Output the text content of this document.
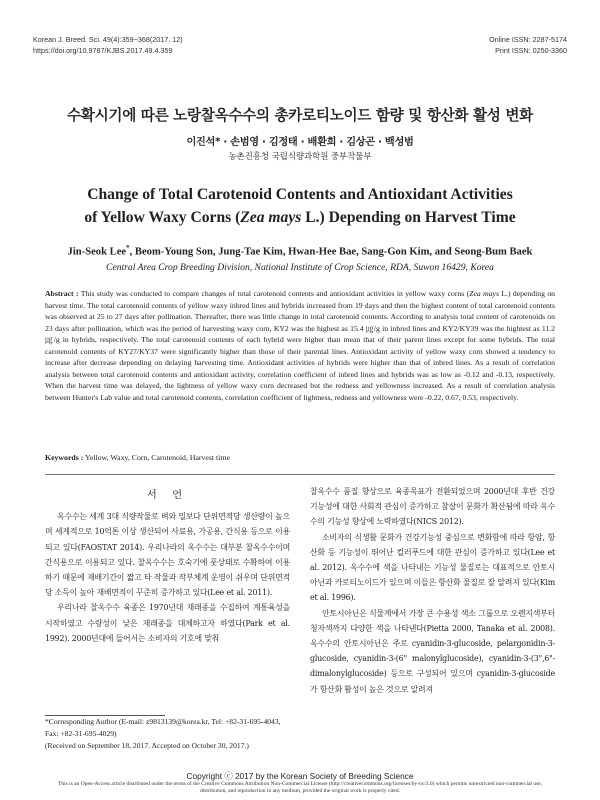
Korean J. Breed. Sci. 49(4):359~368(2017. 12)
https://doi.org/10.9787/KJBS.2017.49.4.359
Online ISSN: 2287-5174
Print ISSN: 0250-3360
수확시기에 따른 노랑찰옥수수의 총카로티노이드 함량 및 항산화 활성 변화
이진석* · 손범영 · 김정태 · 배환희 · 김상곤 · 백성범
농촌진흥청 국립식량과학원 중부작물부
Change of Total Carotenoid Contents and Antioxidant Activities
of Yellow Waxy Corns (Zea mays L.) Depending on Harvest Time
Jin-Seok Lee*, Beom-Young Son, Jung-Tae Kim, Hwan-Hee Bae, Sang-Gon Kim, and Seong-Bum Baek
Central Area Crop Breeding Division, National Institute of Crop Science, RDA, Suwon 16429, Korea
Abstract : This study was conducted to compare changes of total carotenoid contents and antioxidant activities in yellow waxy corns (Zea mays L.) depending on harvest time. The total carotenoid contents of yellow waxy inbred lines and hybrids increased from 19 days and then the highest content of total carotenoid contents was observed at 25 to 27 days after pollination. Thereafter, there was little change in total carotenoid contents. According to analysis total content of carotenoids on 23 days after pollination, which was the period of harvesting waxy corn, KY2 was the highest as 15.4 ㎍/g in inbred lines and KY2/KY39 was the hightest as 11.2 ㎍/g in hybrids, respectively. The total carotenoid contents of each hybrid were higher than mean that of their parent lines except for some hybrids. The total carotenoid contents of KY27/KY37 were significantly higher than those of their parental lines. Antioxidant activity of yellow waxy corn showed a tendency to increase after decrease depending on delaying harvesting time. Antioxidant activities of hybrids were higher than that of inbred lines. As a result of correlation analysis between total carotenoid contents and antioxidant activity, correlation coefficient of inbred lines and hybrids was as low as -0.12 and -0.13, respectively. When the harvest time was delayed, the lightness of yellow waxy corn decreased but the redness and yellowness increased. As a result of correlation analysis between Hunter's Lab value and total carotenoid contents, correlation coefficient of lightness, redness and yellowness were -0.22, 0.67, 0.53, respectively.
Keywords : Yellow, Waxy, Corn, Carotenoid, Harvest time
서 언

옥수수는 세계 3대 식량작물로 벼와 밀보다 단위면적당 생산량이 높으며 세계적으로 10억톤 이상 생산되어 사료용, 가공용, 간식용 등으로 이용되고 있다(FAOSTAT 2014). 우리나라의 옥수수는 대부분 찰옥수수이며 간식용으로 이용되고 있다. 찰옥수수는 호숙기에 풋상태로 수확하여 이용하기 때문에 재배기간이 짧고 타 작물과 작부체계 운영이 쉬우며 단위면적당 소득이 높아 재배면적이 꾸준히 증가하고 있다(Lee et al. 2011).

우리나라 찰옥수수 육종은 1970년대 재래종을 수집하여 계통육성을 시작하였고 수량성이 낮은 재래종을 대체하고자 하였다(Park et al. 1992). 2000년대에 들어서는 소비자의 기호에 맞춰

찰옥수수 품질 향상으로 육종목표가 전환되었으며 2000년대 후반 건강 기능성에 대한 사회적 관심이 증가하고 참살이 문화가 확산됨에 따라 옥수수의 기능성 향상에 노력하였다(NICS 2012).

소비자의 식생활 문화가 건강기능성 중심으로 변화함에 따라 항암, 항산화 등 기능성이 뛰어난 컬러푸드에 대한 관심이 증가하고 있다(Lee et al. 2012). 옥수수에 색을 나타내는 기능성 물질로는 대표적으로 안토시아닌과 카로티노이드가 있으며 이들은 항산화 물질로 잘 알려져 있다(Kim et al. 1996).

안토시아닌은 식물계에서 가장 큰 수용성 색소 그룹으로 오렌지색부터 청자색까지 다양한 색을 나타낸다(Pietta 2000, Tanaka et al. 2008). 옥수수의 안토시아닌은 주로 cyanidin-3-glucoside, pelargonidin-3-glucoside, cyanidin-3-(6" malonylglucoside), cyanidin-3-(3",6"-dimalonylglucoside) 등으로 구성되어 있으며 cyanidin-3-glucoside가 항산화 활성이 높은 것으로 알려져

*Corresponding Author (E-mail: z9813139@korea.kr, Tel: +82-31-695-4043, Fax: +82-31-695-4029)
(Received on September 18, 2017. Accepted on October 30, 2017.)
Copyright ⓒ 2017 by the Korean Society of Breeding Science
This is an Open-Access article distributed under the terms of the Creative Commons Attribution Non-Commercial License (http://creativecommons.org/licenses/by-nc/3.0) which permits unrestricted non-commercial use, distribution, and reproduction in any medium, provided the original work is properly cited.
